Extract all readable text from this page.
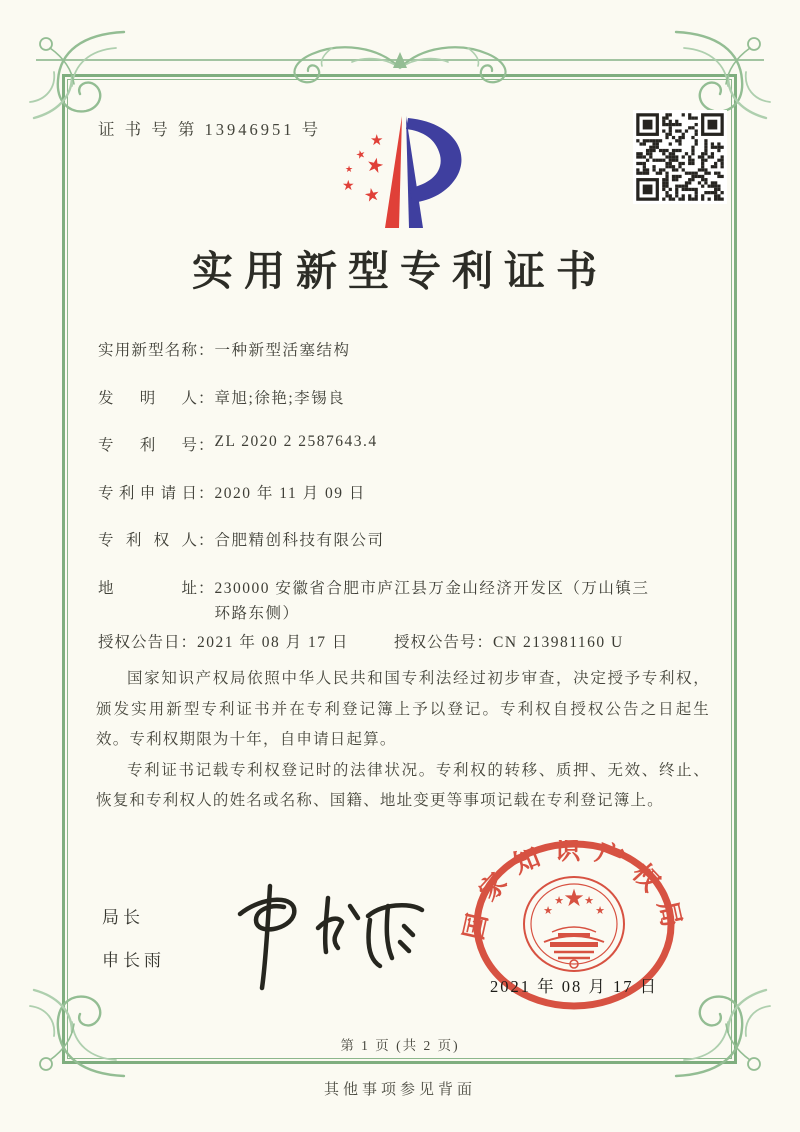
证 书 号 第 13946951 号
★
★
★ ★
★ ★
实用新型专利证书
实用新型名称 ： 一种新型活塞结构
发明人 ： 章旭;徐艳;李锡良
专利号 ： ZL 2020 2 2587643.4
专利申请日 ： 2020 年 11 月 09 日
专利权人 ： 合肥精创科技有限公司
地址 ： 230000 安徽省合肥市庐江县万金山经济开发区（万山镇三环路东侧）
授权公告日：2021 年 08 月 17 日	授权公告号：CN 213981160 U

国家知识产权局依照中华人民共和国专利法经过初步审查，决定授予专利权，颁发实用新型专利证书并在专利登记簿上予以登记。专利权自授权公告之日起生效。专利权期限为十年，自申请日起算。

专利证书记载专利权登记时的法律状况。专利权的转移、质押、无效、终止、恢复和专利权人的姓名或名称、国籍、地址变更等事项记载在专利登记簿上。

局长
申长雨
国家知识产权局
★
★
★ ★
★
2021 年 08 月 17 日
第 1 页 (共 2 页)
其他事项参见背面
